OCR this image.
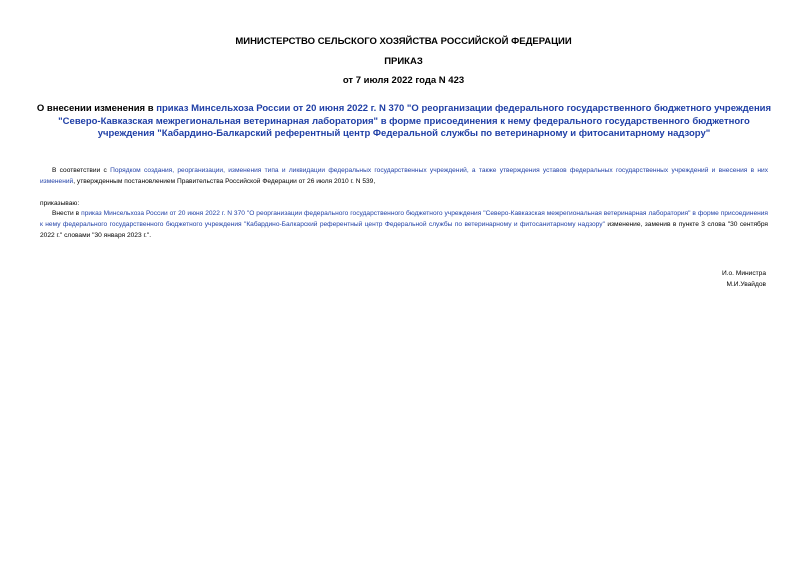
МИНИСТЕРСТВО СЕЛЬСКОГО ХОЗЯЙСТВА РОССИЙСКОЙ ФЕДЕРАЦИИ
ПРИКАЗ
от 7 июля 2022 года N 423
О внесении изменения в приказ Минсельхоза России от 20 июня 2022 г. N 370 "О реорганизации федерального государственного бюджетного учреждения "Северо-Кавказская межрегиональная ветеринарная лаборатория" в форме присоединения к нему федерального государственного бюджетного учреждения "Кабардино-Балкарский референтный центр Федеральной службы по ветеринарному и фитосанитарному надзору"
В соответствии с Порядком создания, реорганизации, изменения типа и ликвидации федеральных государственных учреждений, а также утверждения уставов федеральных государственных учреждений и внесения в них изменений, утвержденным постановлением Правительства Российской Федерации от 26 июля 2010 г. N 539,
приказываю:
Внести в приказ Минсельхоза России от 20 июня 2022 г. N 370 "О реорганизации федерального государственного бюджетного учреждения "Северо-Кавказская межрегиональная ветеринарная лаборатория" в форме присоединения к нему федерального государственного бюджетного учреждения "Кабардино-Балкарский референтный центр Федеральной службы по ветеринарному и фитосанитарному надзору" изменение, заменив в пункте 3 слова "30 сентября 2022 г." словами "30 января 2023 г.".
И.о. Министра
М.И.Увайдов
